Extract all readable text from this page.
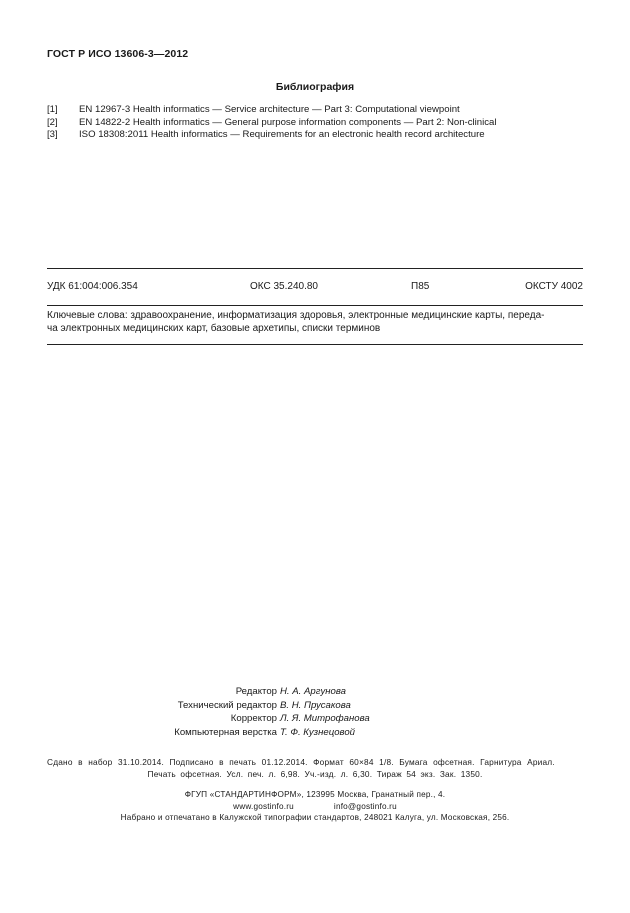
ГОСТ Р ИСО 13606-3—2012
Библиография
[1] EN 12967-3 Health informatics — Service architecture — Part 3: Computational viewpoint
[2] EN 14822-2 Health informatics — General purpose information components — Part 2: Non-clinical
[3] ISO 18308:2011 Health informatics — Requirements for an electronic health record architecture
УДК 61:004:006.354	ОКС 35.240.80	П85	ОКСТУ 4002

Ключевые слова: здравоохранение, информатизация здоровья, электронные медицинские карты, переда-

ча электронных медицинских карт, базовые архетипы, списки терминов

Редактор Н. А. Аргунова
Технический редактор В. Н. Прусакова
Корректор Л. Я. Митрофанова
Компьютерная верстка Т. Ф. Кузнецовой
Сдано в набор 31.10.2014. Подписано в печать 01.12.2014. Формат 60×84 1/8. Бумага офсетная. Гарнитура Ариал.
Печать офсетная. Усл. печ. л. 6,98. Уч.-изд. л. 6,30. Тираж 54 экз. Зак. 1350.
ФГУП «СТАНДАРТИНФОРМ», 123995 Москва, Гранатный пер., 4.
www.gostinfo.ru	info@gostinfo.ru
Набрано и отпечатано в Калужской типографии стандартов, 248021 Калуга, ул. Московская, 256.
